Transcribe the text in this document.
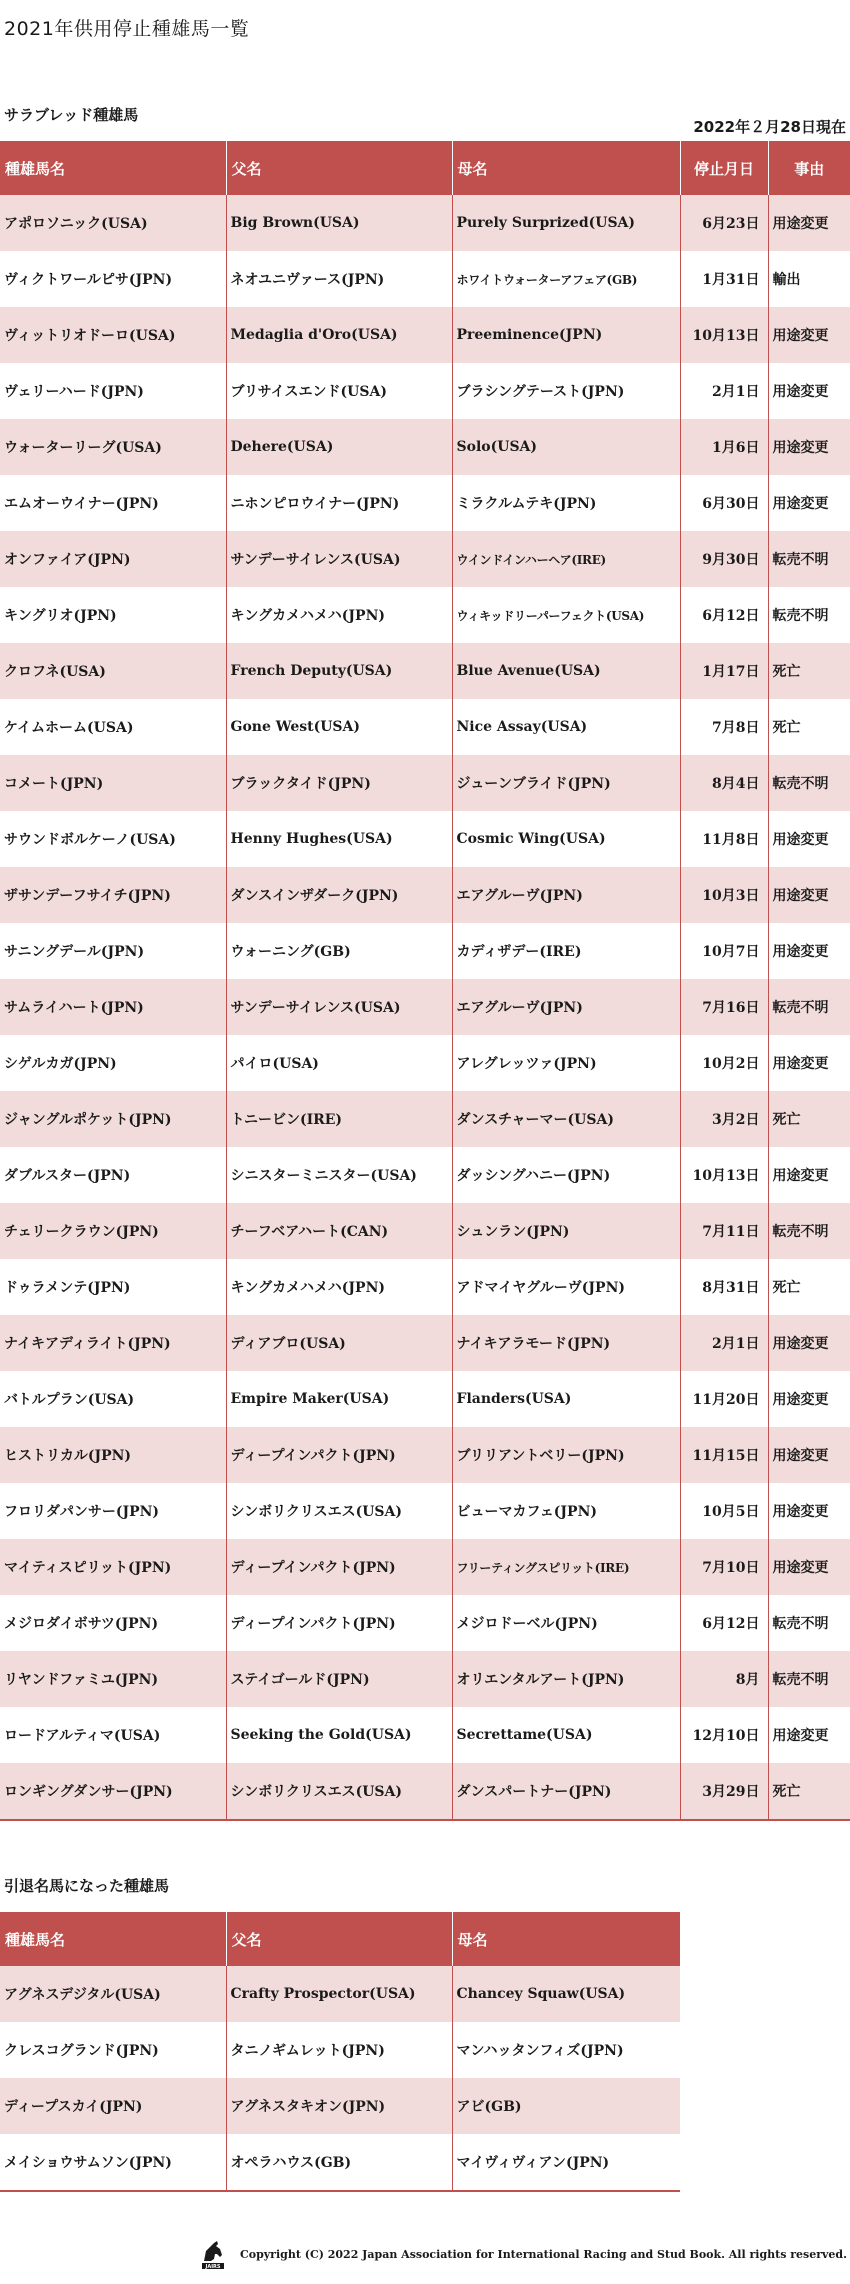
2021年供用停止種雄馬一覧
サラブレッド種雄馬
2022年２月28日現在
種雄馬名	父名	母名	停止月日	事由
アポロソニック(USA)	Big Brown(USA)	Purely Surprized(USA)	6月23日	用途変更
ヴィクトワールピサ(JPN)	ネオユニヴァース(JPN)	ホワイトウォーターアフェア(GB)	1月31日	輸出
ヴィットリオドーロ(USA)	Medaglia d'Oro(USA)	Preeminence(JPN)	10月13日	用途変更
ヴェリーハード(JPN)	ブリサイスエンド(USA)	ブラシングテースト(JPN)	2月1日	用途変更
ウォーターリーグ(USA)	Dehere(USA)	Solo(USA)	1月6日	用途変更
エムオーウイナー(JPN)	ニホンピロウイナー(JPN)	ミラクルムテキ(JPN)	6月30日	用途変更
オンファイア(JPN)	サンデーサイレンス(USA)	ウインドインハーヘア(IRE)	9月30日	転売不明
キングリオ(JPN)	キングカメハメハ(JPN)	ウィキッドリーパーフェクト(USA)	6月12日	転売不明
クロフネ(USA)	French Deputy(USA)	Blue Avenue(USA)	1月17日	死亡
ケイムホーム(USA)	Gone West(USA)	Nice Assay(USA)	7月8日	死亡
コメート(JPN)	ブラックタイド(JPN)	ジューンブライド(JPN)	8月4日	転売不明
サウンドボルケーノ(USA)	Henny Hughes(USA)	Cosmic Wing(USA)	11月8日	用途変更
ザサンデーフサイチ(JPN)	ダンスインザダーク(JPN)	エアグルーヴ(JPN)	10月3日	用途変更
サニングデール(JPN)	ウォーニング(GB)	カディザデー(IRE)	10月7日	用途変更
サムライハート(JPN)	サンデーサイレンス(USA)	エアグルーヴ(JPN)	7月16日	転売不明
シゲルカガ(JPN)	パイロ(USA)	アレグレッツァ(JPN)	10月2日	用途変更
ジャングルポケット(JPN)	トニービン(IRE)	ダンスチャーマー(USA)	3月2日	死亡
ダブルスター(JPN)	シニスターミニスター(USA)	ダッシングハニー(JPN)	10月13日	用途変更
チェリークラウン(JPN)	チーフベアハート(CAN)	シュンラン(JPN)	7月11日	転売不明
ドゥラメンテ(JPN)	キングカメハメハ(JPN)	アドマイヤグルーヴ(JPN)	8月31日	死亡
ナイキアディライト(JPN)	ディアブロ(USA)	ナイキアラモード(JPN)	2月1日	用途変更
バトルプラン(USA)	Empire Maker(USA)	Flanders(USA)	11月20日	用途変更
ヒストリカル(JPN)	ディープインパクト(JPN)	ブリリアントベリー(JPN)	11月15日	用途変更
フロリダパンサー(JPN)	シンボリクリスエス(USA)	ビューマカフェ(JPN)	10月5日	用途変更
マイティスピリット(JPN)	ディープインパクト(JPN)	フリーティングスピリット(IRE)	7月10日	用途変更
メジロダイボサツ(JPN)	ディープインパクト(JPN)	メジロドーベル(JPN)	6月12日	転売不明
リヤンドファミユ(JPN)	ステイゴールド(JPN)	オリエンタルアート(JPN)	8月	転売不明
ロードアルティマ(USA)	Seeking the Gold(USA)	Secrettame(USA)	12月10日	用途変更
ロンギングダンサー(JPN)	シンボリクリスエス(USA)	ダンスパートナー(JPN)	3月29日	死亡
引退名馬になった種雄馬
種雄馬名	父名	母名
アグネスデジタル(USA)	Crafty Prospector(USA)	Chancey Squaw(USA)
クレスコグランド(JPN)	タニノギムレット(JPN)	マンハッタンフィズ(JPN)
ディープスカイ(JPN)	アグネスタキオン(JPN)	アビ(GB)
メイショウサムソン(JPN)	オペラハウス(GB)	マイヴィヴィアン(JPN)
JAIRS
Copyright (C) 2022 Japan Association for International Racing and Stud Book. All rights reserved.
